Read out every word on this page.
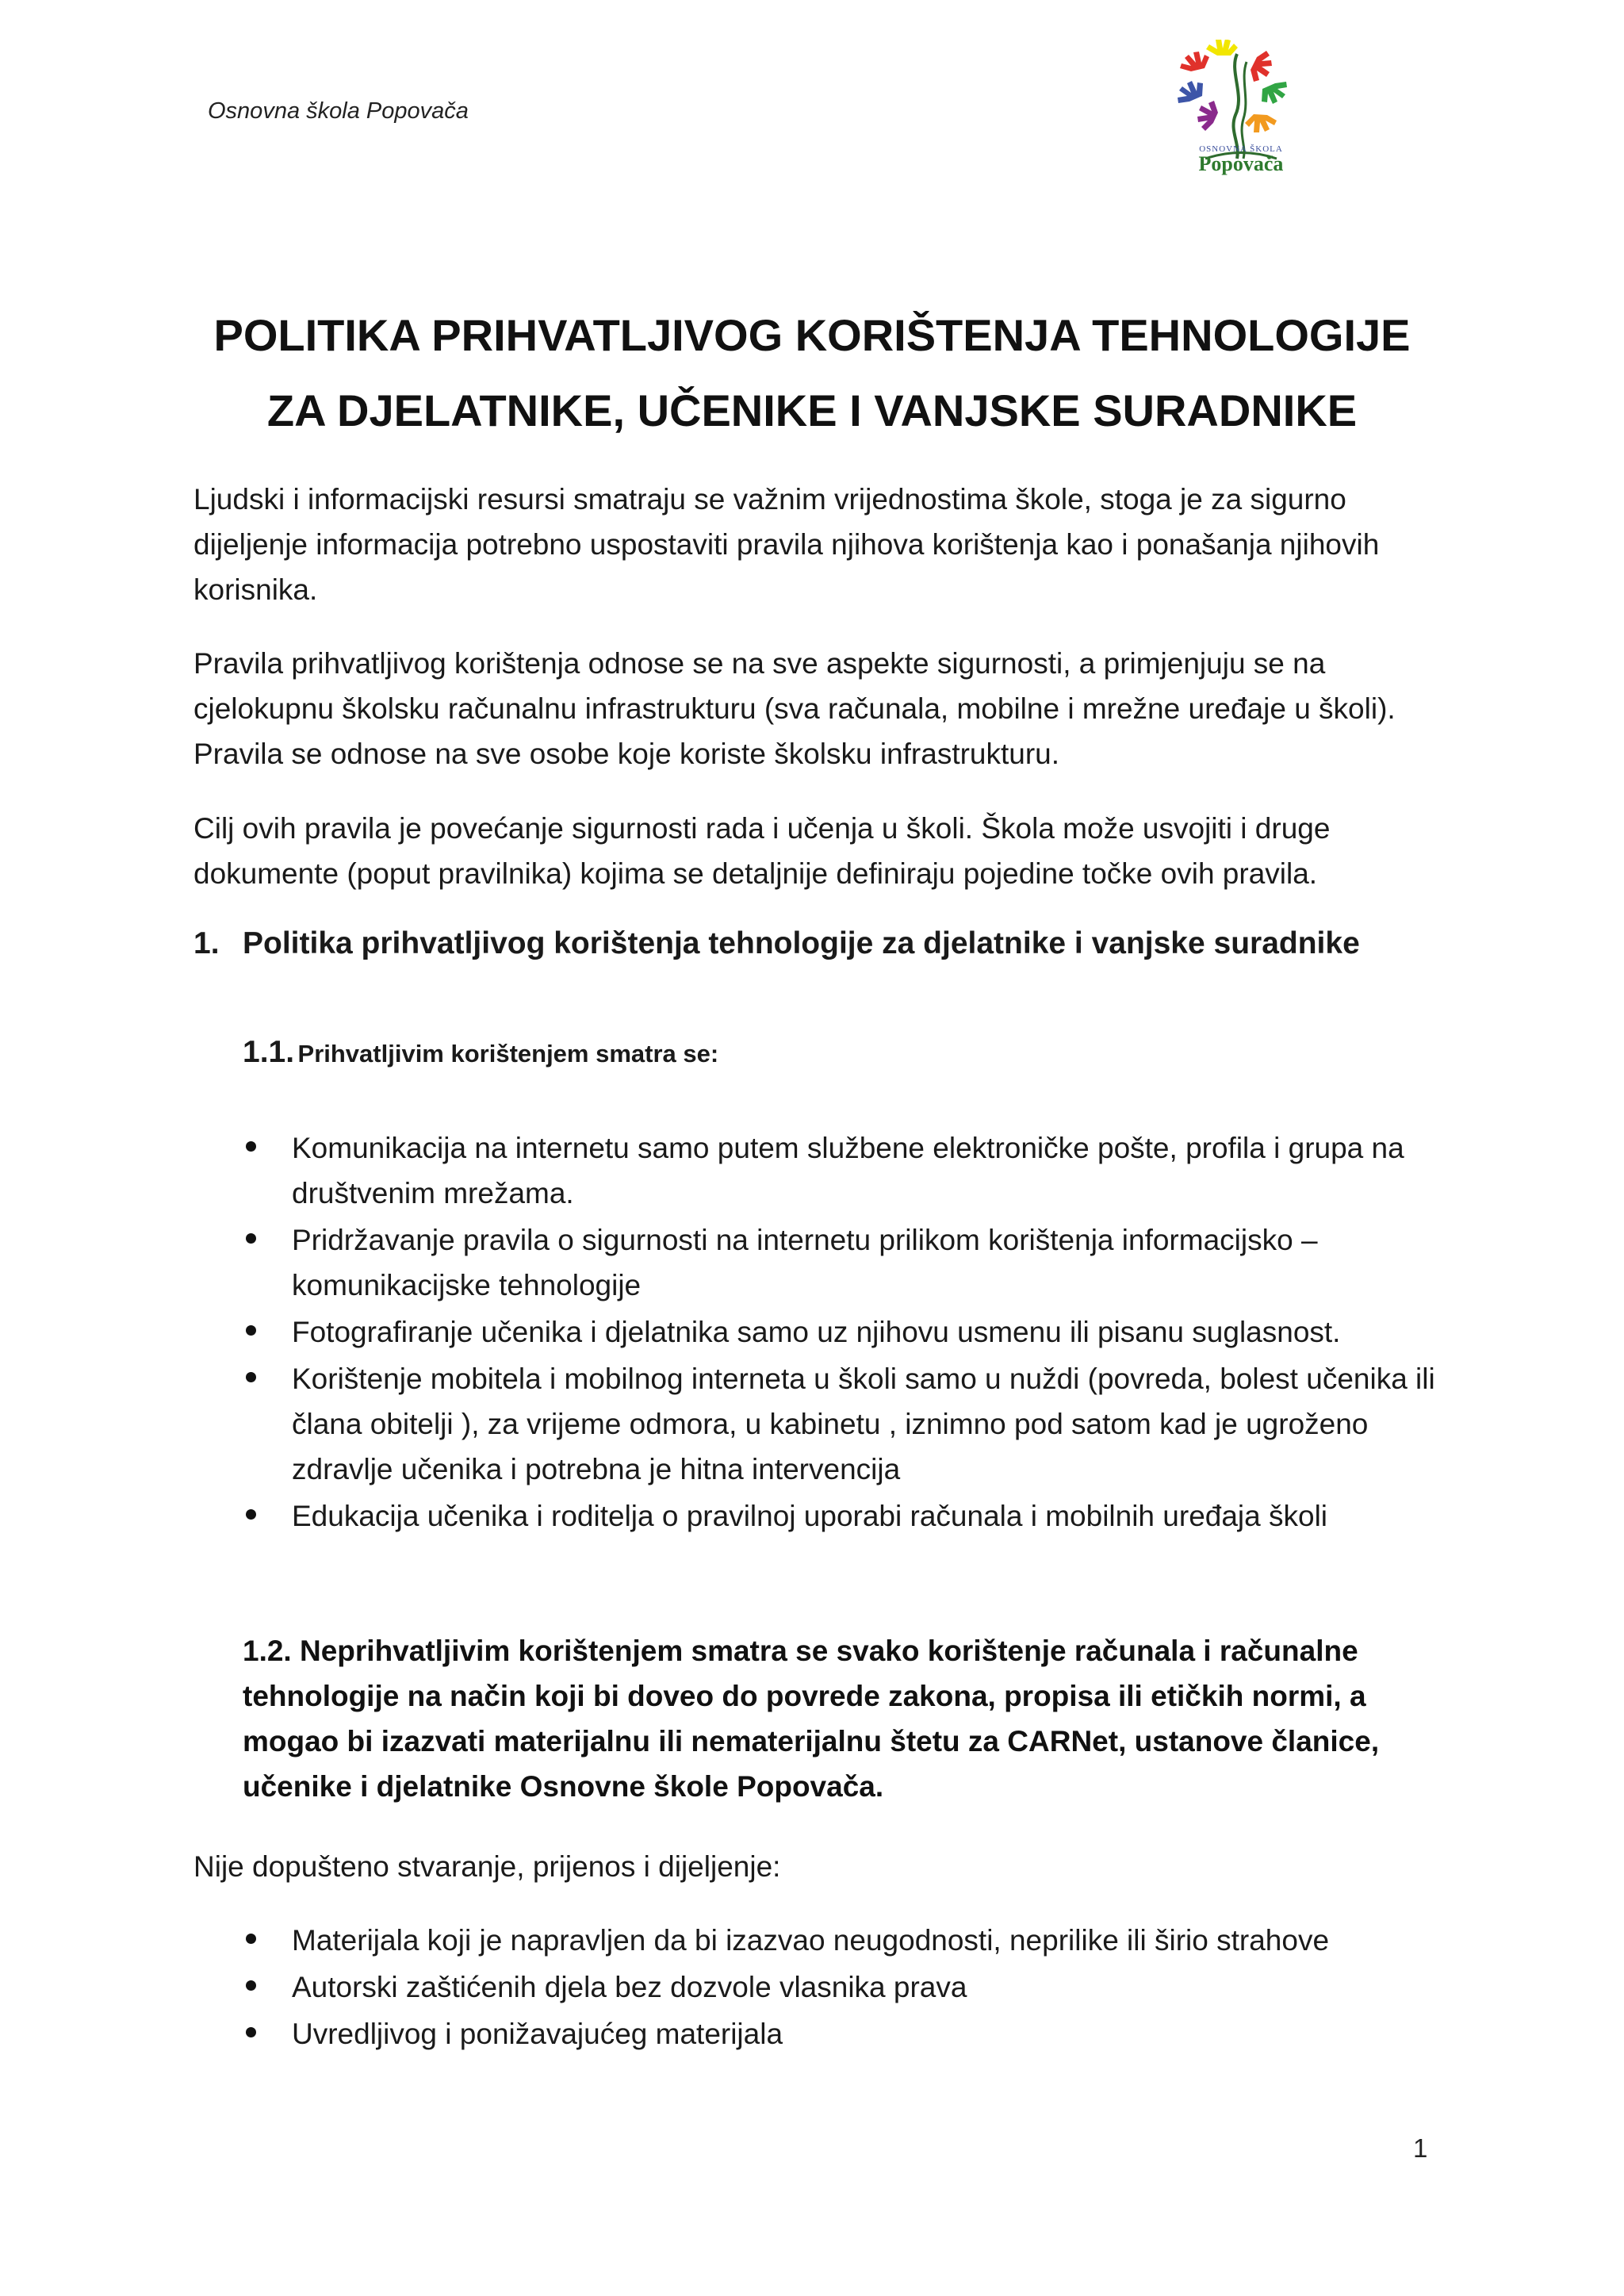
Osnovna škola Popovača
OSNOVNA ŠKOLA
Popovača
POLITIKA PRIHVATLJIVOG KORIŠTENJA TEHNOLOGIJE
ZA DJELATNIKE, UČENIKE I VANJSKE SURADNIKE
Ljudski i informacijski resursi smatraju se važnim vrijednostima škole, stoga je za sigurno dijeljenje informacija potrebno uspostaviti pravila njihova korištenja kao i ponašanja njihovih korisnika.
Pravila prihvatljivog korištenja odnose se na sve aspekte sigurnosti, a primjenjuju se na cjelokupnu školsku računalnu infrastrukturu (sva računala, mobilne i mrežne uređaje u školi). Pravila se odnose na sve osobe koje koriste školsku infrastrukturu.
Cilj ovih pravila je povećanje sigurnosti rada i učenja u školi. Škola može usvojiti i druge dokumente (poput pravilnika) kojima se detaljnije definiraju pojedine točke ovih pravila.
1. Politika prihvatljivog korištenja tehnologije za djelatnike i vanjske suradnike
1.1. Prihvatljivim korištenjem smatra se:
Komunikacija na internetu samo putem službene elektroničke pošte, profila i grupa na društvenim mrežama.
Pridržavanje pravila o sigurnosti na internetu prilikom korištenja informacijsko – komunikacijske tehnologije
Fotografiranje učenika i djelatnika samo uz njihovu usmenu ili pisanu suglasnost.
Korištenje mobitela i mobilnog interneta u školi samo u nuždi (povreda, bolest učenika ili člana obitelji ), za vrijeme odmora, u kabinetu , iznimno pod satom kad je ugroženo zdravlje učenika i potrebna je hitna intervencija
Edukacija učenika i roditelja o pravilnoj uporabi računala i mobilnih uređaja školi
1.2. Neprihvatljivim korištenjem smatra se svako korištenje računala i računalne tehnologije na način koji bi doveo do povrede zakona, propisa ili etičkih normi, a mogao bi izazvati materijalnu ili nematerijalnu štetu za CARNet, ustanove članice, učenike i djelatnike Osnovne škole Popovača.
Nije dopušteno stvaranje, prijenos i dijeljenje:
Materijala koji je napravljen da bi izazvao neugodnosti, neprilike ili širio strahove
Autorski zaštićenih djela bez dozvole vlasnika prava
Uvredljivog i ponižavajućeg materijala
1
